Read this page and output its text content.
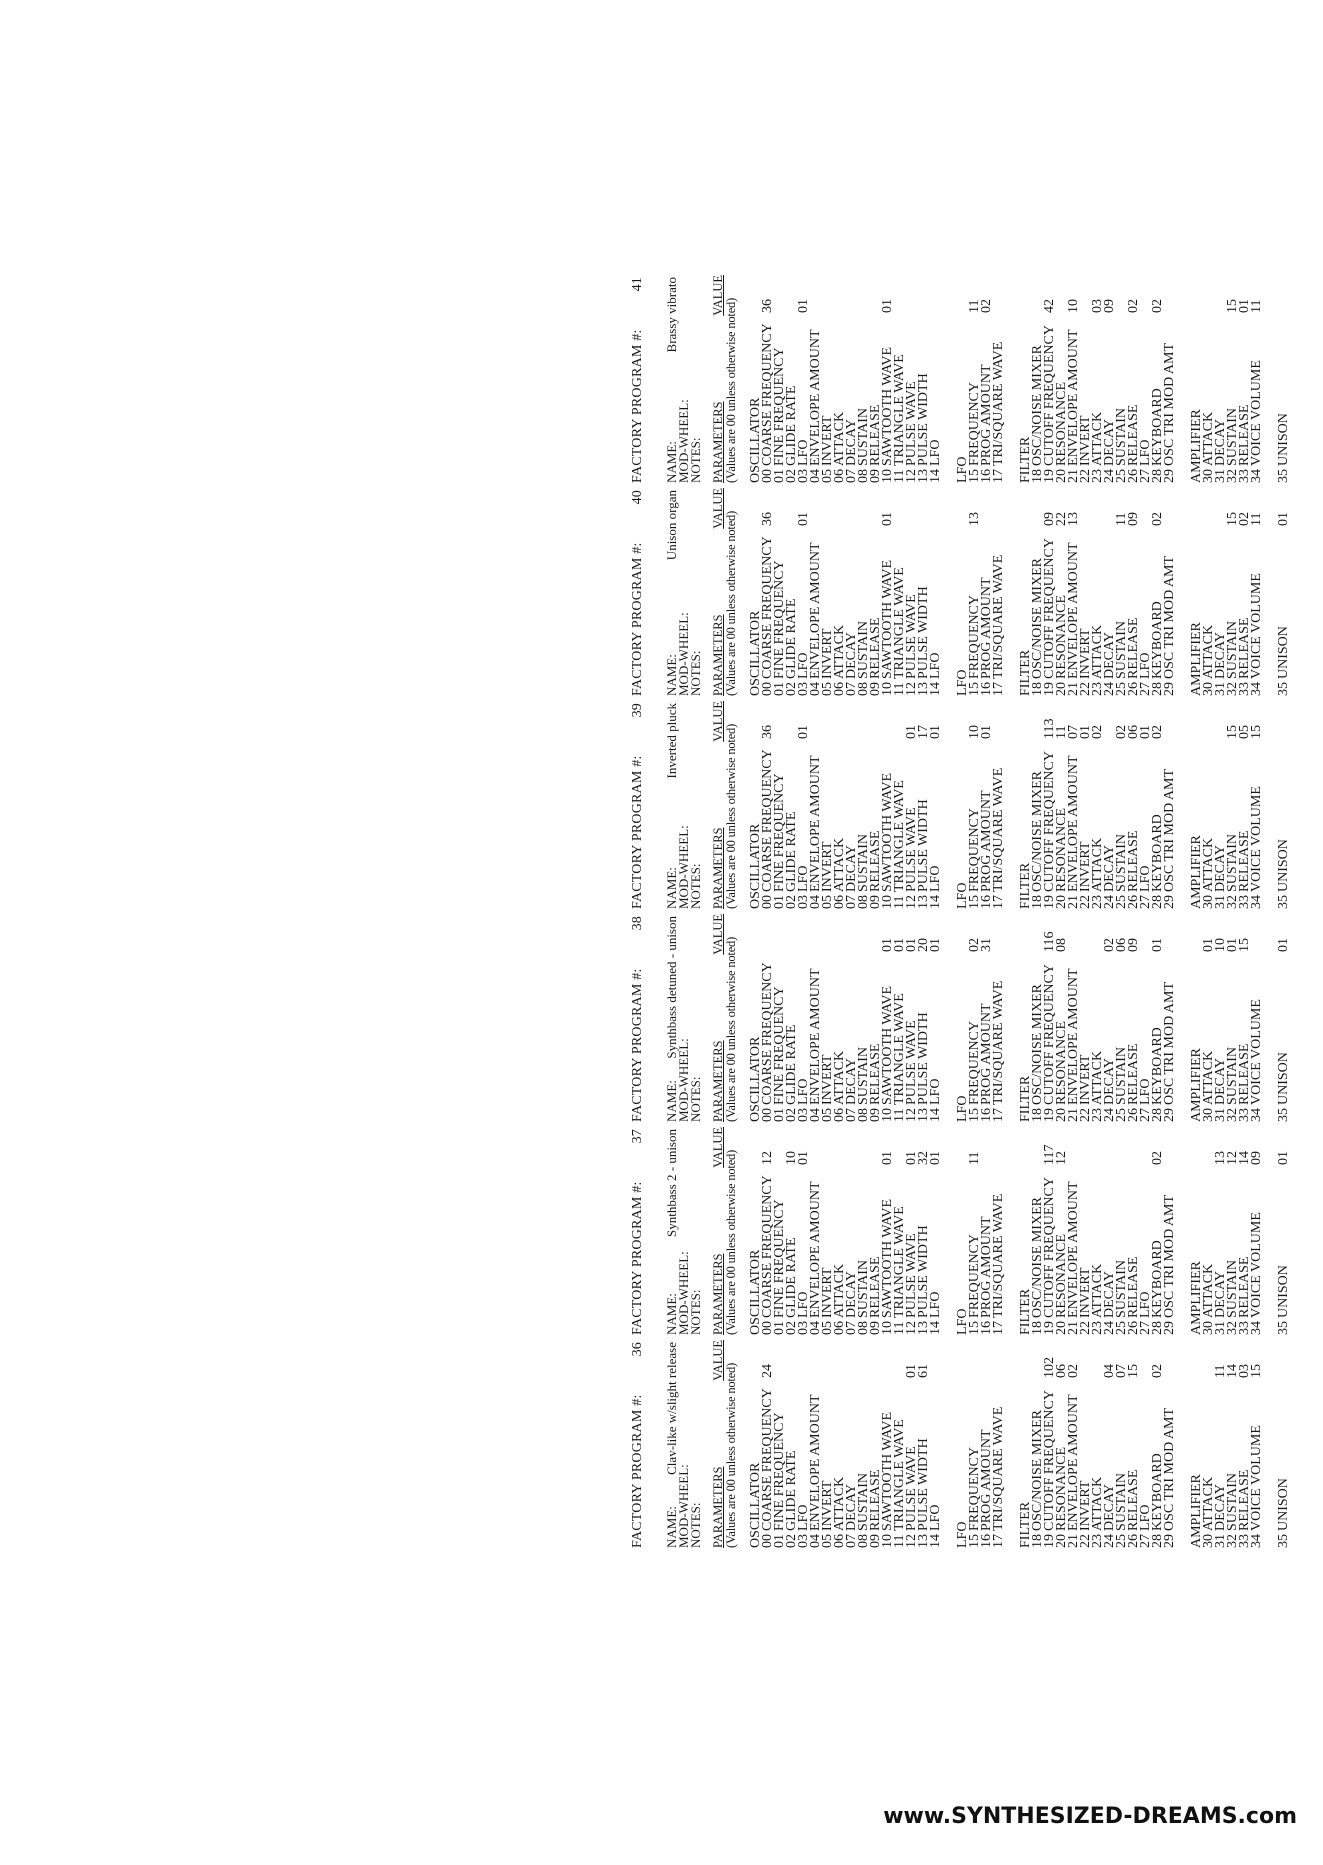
FACTORY PROGRAM #:
36
NAME:
Clav-like w/slight release
MOD-WHEEL:
NOTES: PARAMETERS
VALUE
(Values are 00 unless otherwise noted) OSCILLATOR
00
COARSE FREQUENCY
24
01
FINE FREQUENCY
02
GLIDE RATE
03
LFO
04
ENVELOPE AMOUNT
05
INVERT
06
ATTACK
07
DECAY
08
SUSTAIN
09
RELEASE
10
SAWTOOTH WAVE
11
TRIANGLE WAVE
12
PULSE WAVE
01
13
PULSE WIDTH
61
14
LFO
LFO
15
FREQUENCY
16
PROG AMOUNT
17
TRI/SQUARE WAVE FILTER
18
OSC/NOISE MIXER
19
CUTOFF FREQUENCY
102
20
RESONANCE
06
21
ENVELOPE AMOUNT
02
22
INVERT
23
ATTACK
24
DECAY
04
25
SUSTAIN
07
26
RELEASE
15
27
LFO
28
KEYBOARD
02
29
OSC TRI MOD AMT AMPLIFIER
30
ATTACK
31
DECAY
11
32
SUSTAIN
14
33
RELEASE
03
34
VOICE VOLUME
15
35
UNISON
FACTORY PROGRAM #:
37
NAME:
Synthbass 2 - unison
MOD-WHEEL:
NOTES: PARAMETERS
VALUE
(Values are 00 unless otherwise noted) OSCILLATOR
00
COARSE FREQUENCY
12
01
FINE FREQUENCY
02
GLIDE RATE
10
03
LFO
01
04
ENVELOPE AMOUNT
05
INVERT
06
ATTACK
07
DECAY
08
SUSTAIN
09
RELEASE
10
SAWTOOTH WAVE
01
11
TRIANGLE WAVE
12
PULSE WAVE
01
13
PULSE WIDTH
32
14
LFO
01
LFO
15
FREQUENCY
11
16
PROG AMOUNT
17
TRI/SQUARE WAVE FILTER
18
OSC/NOISE MIXER
19
CUTOFF FREQUENCY
117
20
RESONANCE
12
21
ENVELOPE AMOUNT
22
INVERT
23
ATTACK
24
DECAY
25
SUSTAIN
26
RELEASE
27
LFO
28
KEYBOARD
02
29
OSC TRI MOD AMT AMPLIFIER
30
ATTACK
31
DECAY
13
32
SUSTAIN
12
33
RELEASE
14
34
VOICE VOLUME
09
35
UNISON
01
FACTORY PROGRAM #:
38
NAME:
Synthbass detuned - unison
MOD-WHEEL:
NOTES: PARAMETERS
VALUE
(Values are 00 unless otherwise noted) OSCILLATOR
00
COARSE FREQUENCY
01
FINE FREQUENCY
02
GLIDE RATE
03
LFO
04
ENVELOPE AMOUNT
05
INVERT
06
ATTACK
07
DECAY
08
SUSTAIN
09
RELEASE
10
SAWTOOTH WAVE
01
11
TRIANGLE WAVE
01
12
PULSE WAVE
01
13
PULSE WIDTH
20
14
LFO
01
LFO
15
FREQUENCY
02
16
PROG AMOUNT
31
17
TRI/SQUARE WAVE FILTER
18
OSC/NOISE MIXER
19
CUTOFF FREQUENCY
116
20
RESONANCE
08
21
ENVELOPE AMOUNT
22
INVERT
23
ATTACK
24
DECAY
02
25
SUSTAIN
06
26
RELEASE
09
27
LFO
28
KEYBOARD
01
29
OSC TRI MOD AMT AMPLIFIER
30
ATTACK
01
31
DECAY
10
32
SUSTAIN
01
33
RELEASE
15
34
VOICE VOLUME
35
UNISON
01
FACTORY PROGRAM #:
39
NAME:
Inverted pluck
MOD-WHEEL:
NOTES: PARAMETERS
VALUE
(Values are 00 unless otherwise noted) OSCILLATOR
00
COARSE FREQUENCY
36
01
FINE FREQUENCY
02
GLIDE RATE
03
LFO
01
04
ENVELOPE AMOUNT
05
INVERT
06
ATTACK
07
DECAY
08
SUSTAIN
09
RELEASE
10
SAWTOOTH WAVE
11
TRIANGLE WAVE
12
PULSE WAVE
01
13
PULSE WIDTH
17
14
LFO
01
LFO
15
FREQUENCY
10
16
PROG AMOUNT
01
17
TRI/SQUARE WAVE FILTER
18
OSC/NOISE MIXER
19
CUTOFF FREQUENCY
113
20
RESONANCE
11
21
ENVELOPE AMOUNT
07
22
INVERT
01
23
ATTACK
02
24
DECAY
25
SUSTAIN
02
26
RELEASE
06
27
LFO
01
28
KEYBOARD
02
29
OSC TRI MOD AMT AMPLIFIER
30
ATTACK
31
DECAY
32
SUSTAIN
15
33
RELEASE
05
34
VOICE VOLUME
15
35
UNISON
FACTORY PROGRAM #:
40
NAME:
Unison organ
MOD-WHEEL:
NOTES: PARAMETERS
VALUE
(Values are 00 unless otherwise noted) OSCILLATOR
00
COARSE FREQUENCY
36
01
FINE FREQUENCY
02
GLIDE RATE
03
LFO
01
04
ENVELOPE AMOUNT
05
INVERT
06
ATTACK
07
DECAY
08
SUSTAIN
09
RELEASE
10
SAWTOOTH WAVE
01
11
TRIANGLE WAVE
12
PULSE WAVE
13
PULSE WIDTH
14
LFO
LFO
15
FREQUENCY
13
16
PROG AMOUNT
17
TRI/SQUARE WAVE FILTER
18
OSC/NOISE MIXER
19
CUTOFF FREQUENCY
09
20
RESONANCE
22
21
ENVELOPE AMOUNT
13
22
INVERT
23
ATTACK
24
DECAY
25
SUSTAIN
11
26
RELEASE
09
27
LFO
28
KEYBOARD
02
29
OSC TRI MOD AMT AMPLIFIER
30
ATTACK
31
DECAY
32
SUSTAIN
15
33
RELEASE
02
34
VOICE VOLUME
11
35
UNISON
01
FACTORY PROGRAM #:
41
NAME:
Brassy vibrato
MOD-WHEEL:
NOTES: PARAMETERS
VALUE
(Values are 00 unless otherwise noted) OSCILLATOR
00
COARSE FREQUENCY
36
01
FINE FREQUENCY
02
GLIDE RATE
03
LFO
01
04
ENVELOPE AMOUNT
05
INVERT
06
ATTACK
07
DECAY
08
SUSTAIN
09
RELEASE
10
SAWTOOTH WAVE
01
11
TRIANGLE WAVE
12
PULSE WAVE
13
PULSE WIDTH
14
LFO
LFO
15
FREQUENCY
11
16
PROG AMOUNT
02
17
TRI/SQUARE WAVE FILTER
18
OSC/NOISE MIXER
19
CUTOFF FREQUENCY
42
20
RESONANCE
21
ENVELOPE AMOUNT
10
22
INVERT
23
ATTACK
03
24
DECAY
09
25
SUSTAIN
26
RELEASE
02
27
LFO
28
KEYBOARD
02
29
OSC TRI MOD AMT AMPLIFIER
30
ATTACK
31
DECAY
32
SUSTAIN
15
33
RELEASE
01
34
VOICE VOLUME
11
35
UNISON
www.SYNTHESIZED-DREAMS.com
